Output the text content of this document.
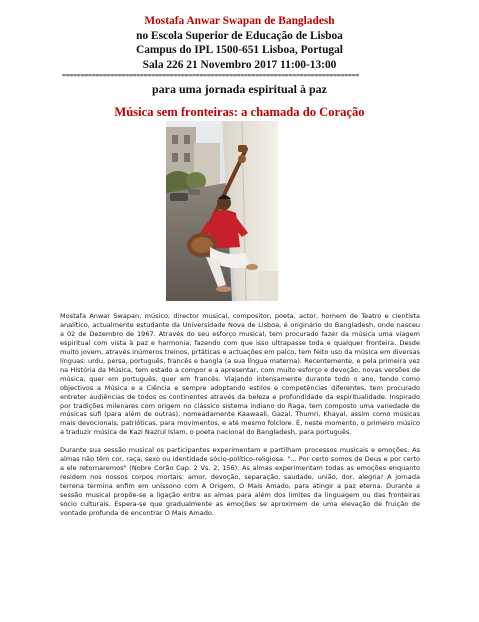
Mostafa Anwar Swapan de Bangladesh
no Escola Superior de Educação de Lisboa
Campus do IPL 1500-651 Lisboa, Portugal
Sala 226 21 Novembro 2017 11:00-13:00
================================================================================
para uma jornada espiritual à paz
Música sem fronteiras: a chamada do Coração

Mostafa Anwar Swapan, músico, director musical, compositor, poeta, actor, homem de Teatro e cientista analítico, actualmente estudante da Universidade Nova de Lisboa, é originário do Bangladesh, onde nasceu a 02 de Dezembro de 1967. Através do seu esforço musical, tem procurado fazer da música uma viagem espiritual com vista à paz e harmonia, fazendo com que isso ultrapasse toda e qualquer fronteira. Desde muito jovem, através inúmeros treinos, prtáticas e actuações em palco, tem feito uso da música em diversas línguas: urdu, persa, português, francês e bangla (a sua língua materna). Recentemente, e pela primeira vez na História da Música, tem estado a compor e a apresentar, com muito esforço e devoção, novas versões de música, quer em português, quer em francês. Viajando intensamente durante todo o ano, tendo como objectivos a Música e a Ciência e sempre adoptando estilos e competências diferentes, tem procurado entreter audiências de todos os continentes através da beleza e profundidade da espiritualidade. Inspirado por tradições milenares com origem no clássico sistema indiano do Raga, tem composto uma variedade de músicas sufi (para além de outras), nomeadamente Kaawaali, Gazal, Thumri, Khayal, assim como músicas mais devocionais, patrióticas, para movimentos, e até mesmo folclore. É, neste momento, o primeiro músico a traduzir música de Kazi Nazrul Islam, o poeta nacional do Bangladesh, para português.

Durante sua sessão musical os participantes experimentam e partilham processos musicais e emoções. As almas não têm cor, raça, sexo ou identidade sócio-político-religiosa. "... Por certo somos de Deus e por certo a ele retornaremos" (Nobre Corão Cap. 2 Vs. 2, 156). As almas experimentam todas as emoções enquanto residem nos nossos corpos mortais: amor, devoção, separação, saudade, união, dor, alegria! A jornada terrena termina enfim em uníssono com A Origem, O Mais Amado, para atingir a paz eterna. Durante a sessão musical propõe-se a ligação entre as almas para além dos limites da linguagem ou das fronteiras sócio culturais. Espera-se que gradualmente as emoções se aproximem de uma elevação de fruição de vontade profunda de encontrar O Mais Amado.
